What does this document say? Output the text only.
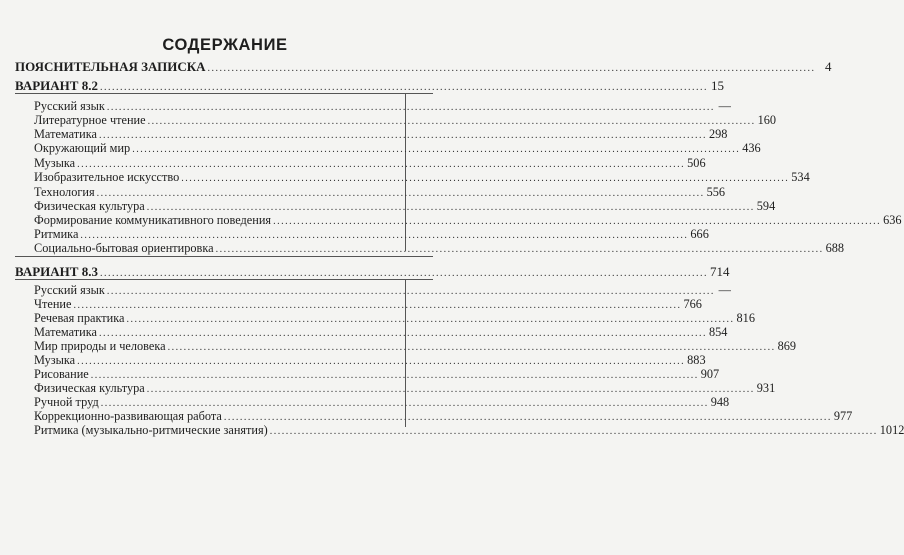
СОДЕРЖАНИЕ
ПОЯСНИТЕЛЬНАЯ ЗАПИСКА ........................................................................................................................................................ 4
ВАРИАНТ 8.2 ........................................................................................................................................................ 15
Русский язык ........................................................................................................................................................ —
Литературное чтение ........................................................................................................................................................ 160
Математика ........................................................................................................................................................ 298
Окружающий мир ........................................................................................................................................................ 436
Музыка ........................................................................................................................................................ 506
Изобразительное искусство ........................................................................................................................................................ 534
Технология ........................................................................................................................................................ 556
Физическая культура ........................................................................................................................................................ 594
Формирование коммуникативного поведения ........................................................................................................................................................ 636
Ритмика ........................................................................................................................................................ 666
Социально-бытовая ориентировка ........................................................................................................................................................ 688
ВАРИАНТ 8.3 ........................................................................................................................................................ 714
Русский язык ........................................................................................................................................................ —
Чтение ........................................................................................................................................................ 766
Речевая практика ........................................................................................................................................................ 816
Математика ........................................................................................................................................................ 854
Мир природы и человека ........................................................................................................................................................ 869
Музыка ........................................................................................................................................................ 883
Рисование ........................................................................................................................................................ 907
Физическая культура ........................................................................................................................................................ 931
Ручной труд ........................................................................................................................................................ 948
Коррекционно-развивающая работа ........................................................................................................................................................ 977
Ритмика (музыкально-ритмические занятия) ........................................................................................................................................................ 1012
